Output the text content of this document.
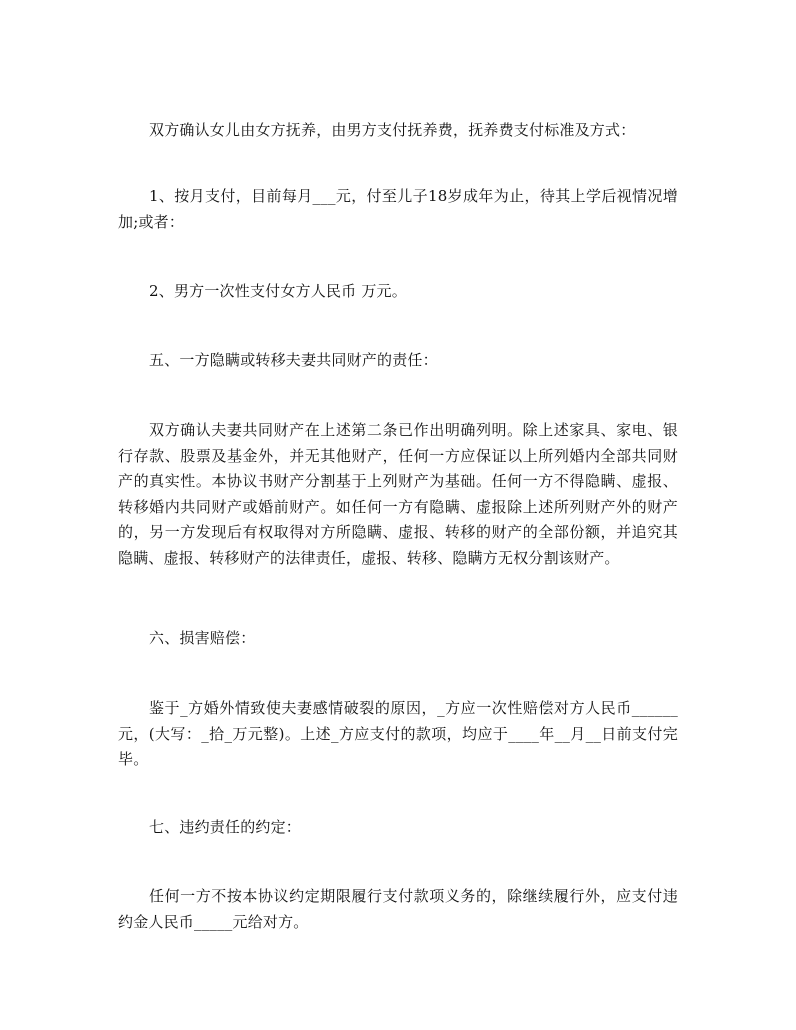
双方确认女儿由女方抚养，由男方支付抚养费，抚养费支付标准及方式：

1、按月支付，目前每月___元，付至儿子18岁成年为止，待其上学后视情况增加;或者：

2、男方一次性支付女方人民币 万元。

五、一方隐瞒或转移夫妻共同财产的责任：

双方确认夫妻共同财产在上述第二条已作出明确列明。除上述家具、家电、银行存款、股票及基金外，并无其他财产，任何一方应保证以上所列婚内全部共同财产的真实性。本协议书财产分割基于上列财产为基础。任何一方不得隐瞒、虚报、转移婚内共同财产或婚前财产。如任何一方有隐瞒、虚报除上述所列财产外的财产的，另一方发现后有权取得对方所隐瞒、虚报、转移的财产的全部份额，并追究其隐瞒、虚报、转移财产的法律责任，虚报、转移、隐瞒方无权分割该财产。

六、损害赔偿：

鉴于_方婚外情致使夫妻感情破裂的原因，_方应一次性赔偿对方人民币______元，(大写：_拾_万元整)。上述_方应支付的款项，均应于____年__月__日前支付完毕。

七、违约责任的约定：

任何一方不按本协议约定期限履行支付款项义务的，除继续履行外，应支付违约金人民币_____元给对方。
